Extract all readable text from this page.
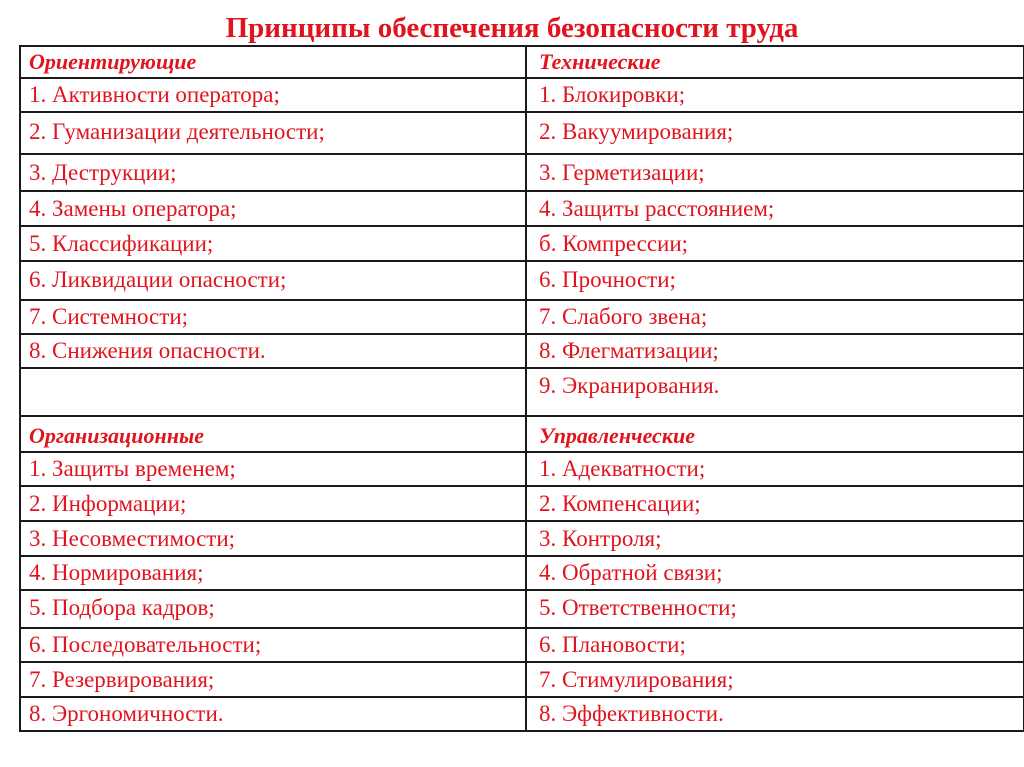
Принципы обеспечения безопасности труда
Ориентирующие	Технические
1. Активности оператора;	1. Блокировки;
2. Гуманизации деятельности;	2. Вакуумирования;
3. Деструкции;	3. Герметизации;
4. Замены оператора;	4. Защиты расстоянием;
5. Классификации;	б. Компрессии;
6. Ликвидации опасности;	6. Прочности;
7. Системности;	7. Слабого звена;
8. Снижения опасности.	8. Флегматизации;
	9. Экранирования.
Организационные	Управленческие
1. Защиты временем;	1. Адекватности;
2. Информации;	2. Компенсации;
3. Несовместимости;	3. Контроля;
4. Нормирования;	4. Обратной связи;
5. Подбора кадров;	5. Ответственности;
6. Последовательности;	6. Плановости;
7. Резервирования;	7. Стимулирования;
8. Эргономичности.	8. Эффективности.
